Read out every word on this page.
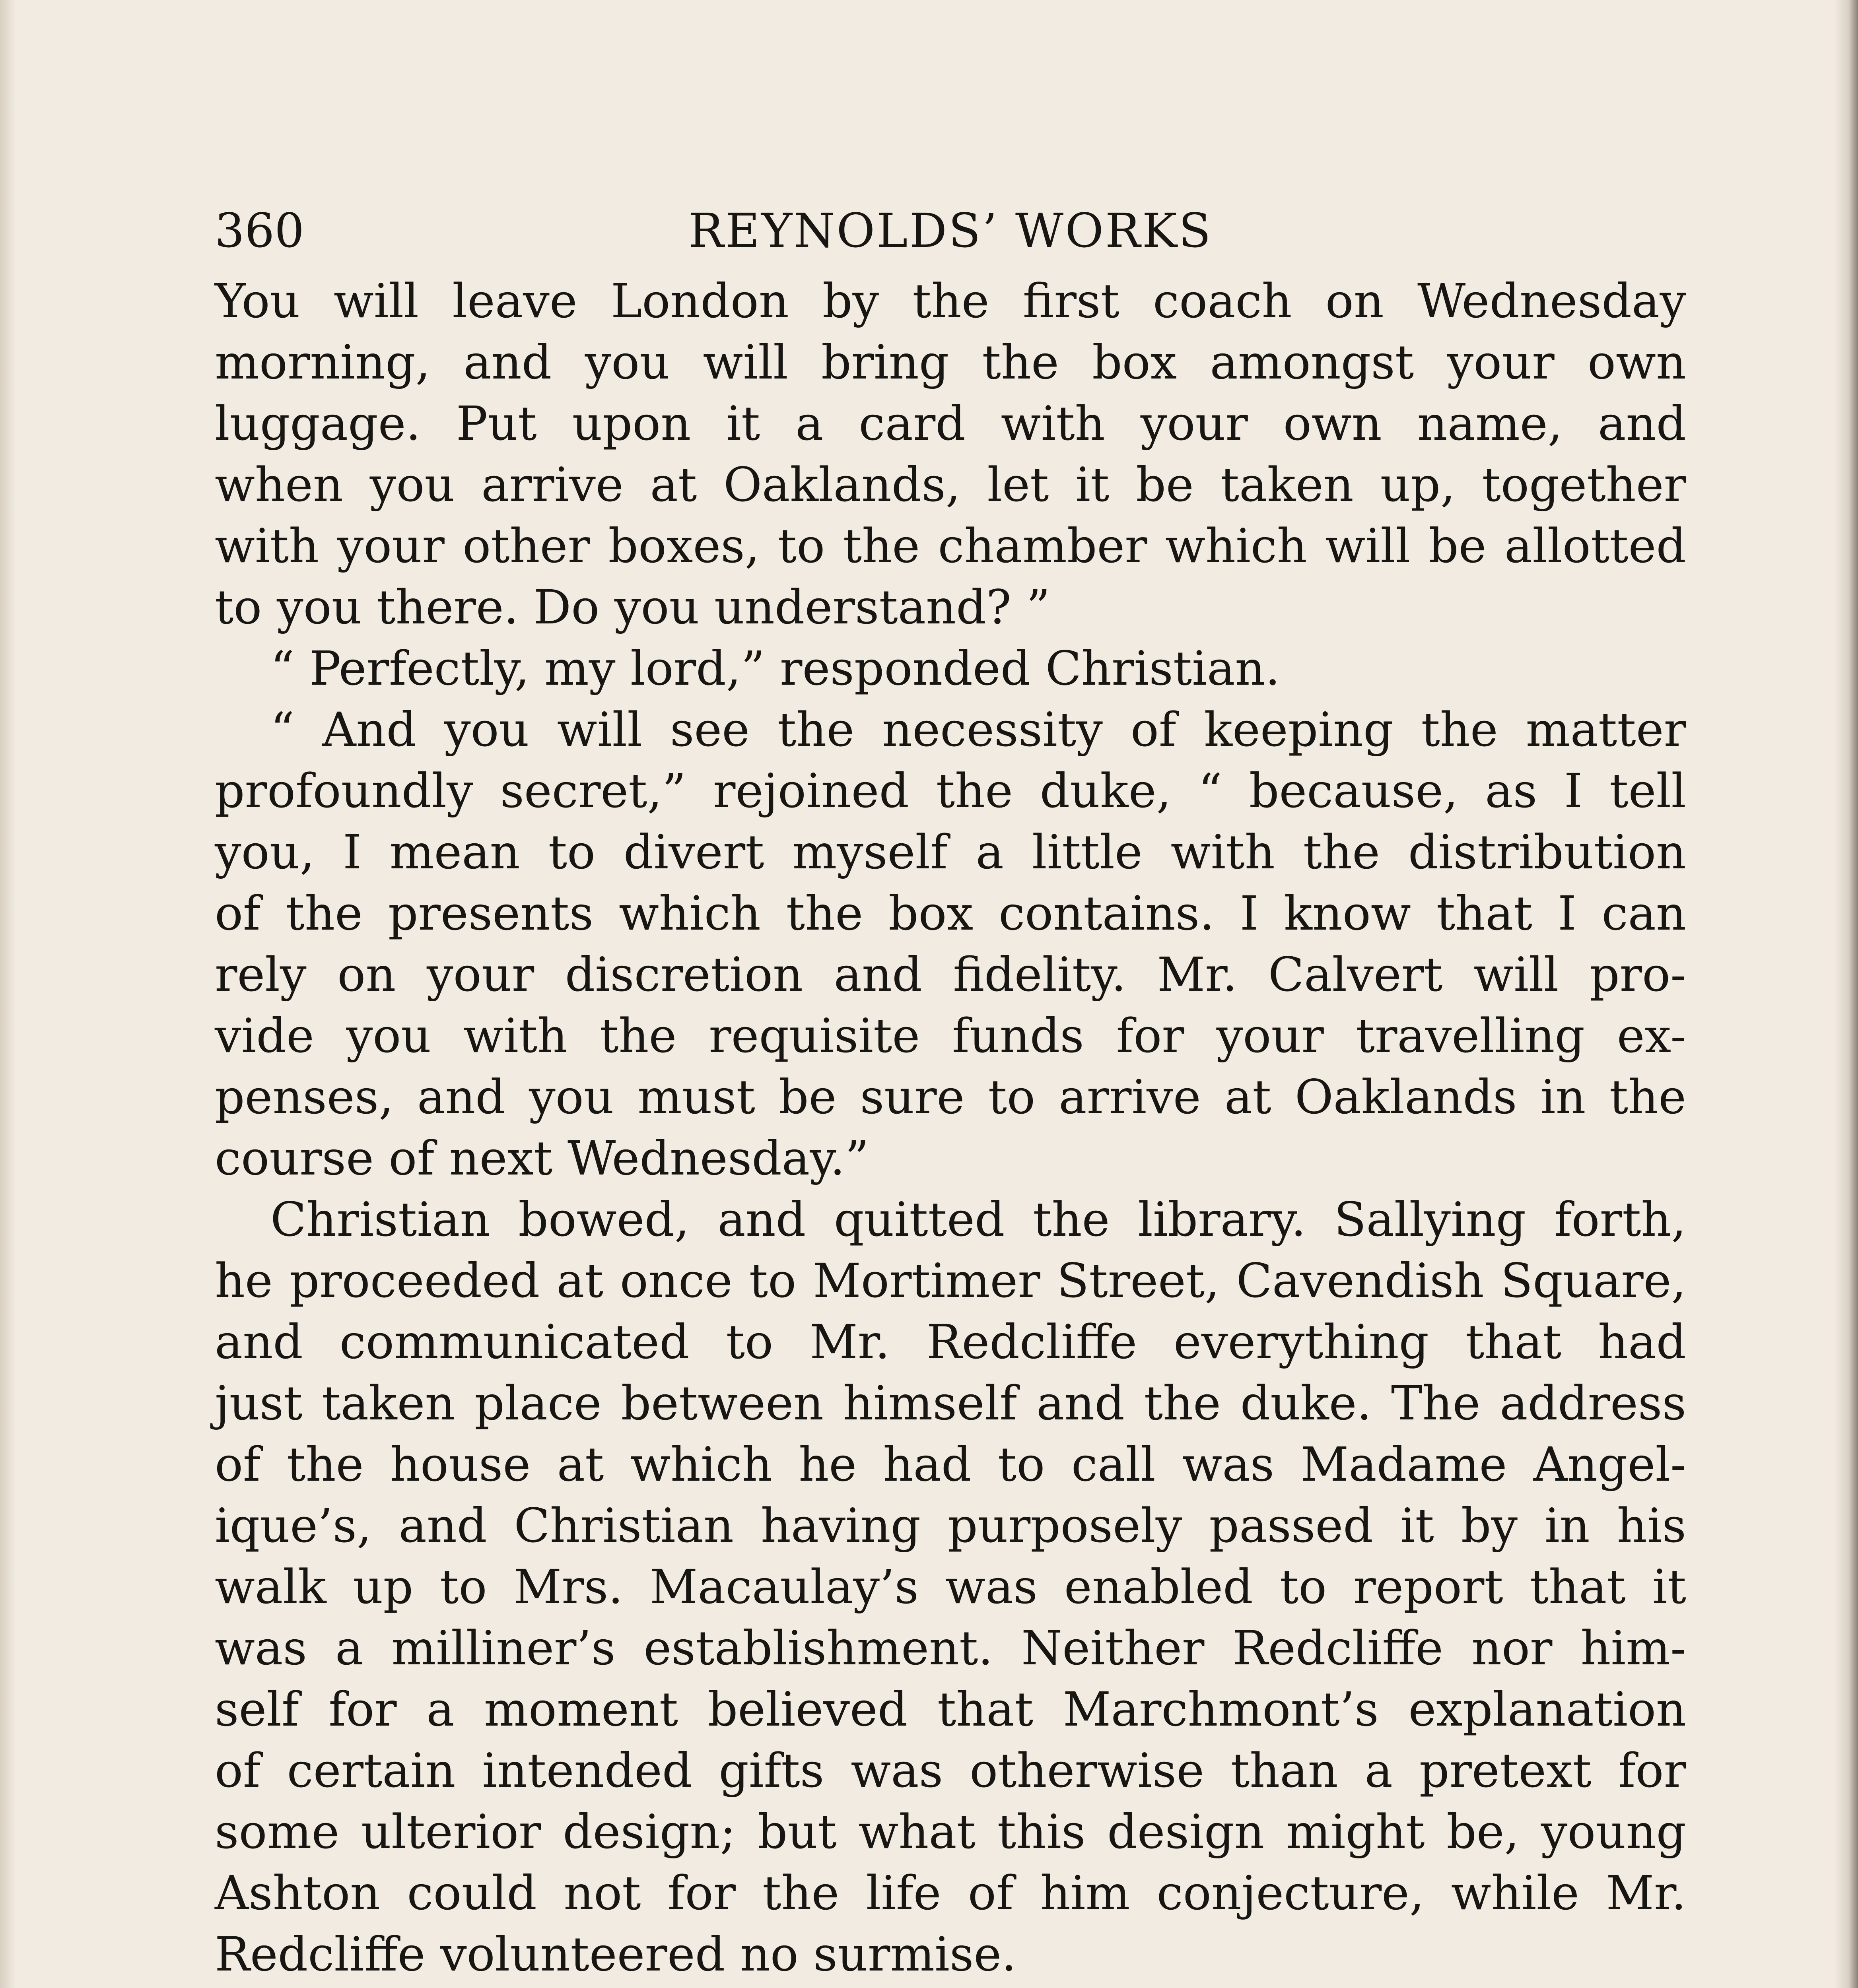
360	REYNOLDS’ WORKS
You will leave London by the first coach on Wednesday
morning, and you will bring the box amongst your own
luggage. Put upon it a card with your own name, and
when you arrive at Oaklands, let it be taken up, together
with your other boxes, to the chamber which will be allotted
to you there. Do you understand? ”
“ Perfectly, my lord,” responded Christian.
“ And you will see the necessity of keeping the matter
profoundly secret,” rejoined the duke, “ because, as I tell
you, I mean to divert myself a little with the distribution
of the presents which the box contains. I know that I can
rely on your discretion and fidelity. Mr. Calvert will pro-
vide you with the requisite funds for your travelling ex-
penses, and you must be sure to arrive at Oaklands in the
course of next Wednesday.”
Christian bowed, and quitted the library. Sallying forth,
he proceeded at once to Mortimer Street, Cavendish Square,
and communicated to Mr. Redcliffe everything that had
just taken place between himself and the duke. The address
of the house at which he had to call was Madame Angel-
ique’s, and Christian having purposely passed it by in his
walk up to Mrs. Macaulay’s was enabled to report that it
was a milliner’s establishment. Neither Redcliffe nor him-
self for a moment believed that Marchmont’s explanation
of certain intended gifts was otherwise than a pretext for
some ulterior design; but what this design might be, young
Ashton could not for the life of him conjecture, while Mr.
Redcliffe volunteered no surmise.
